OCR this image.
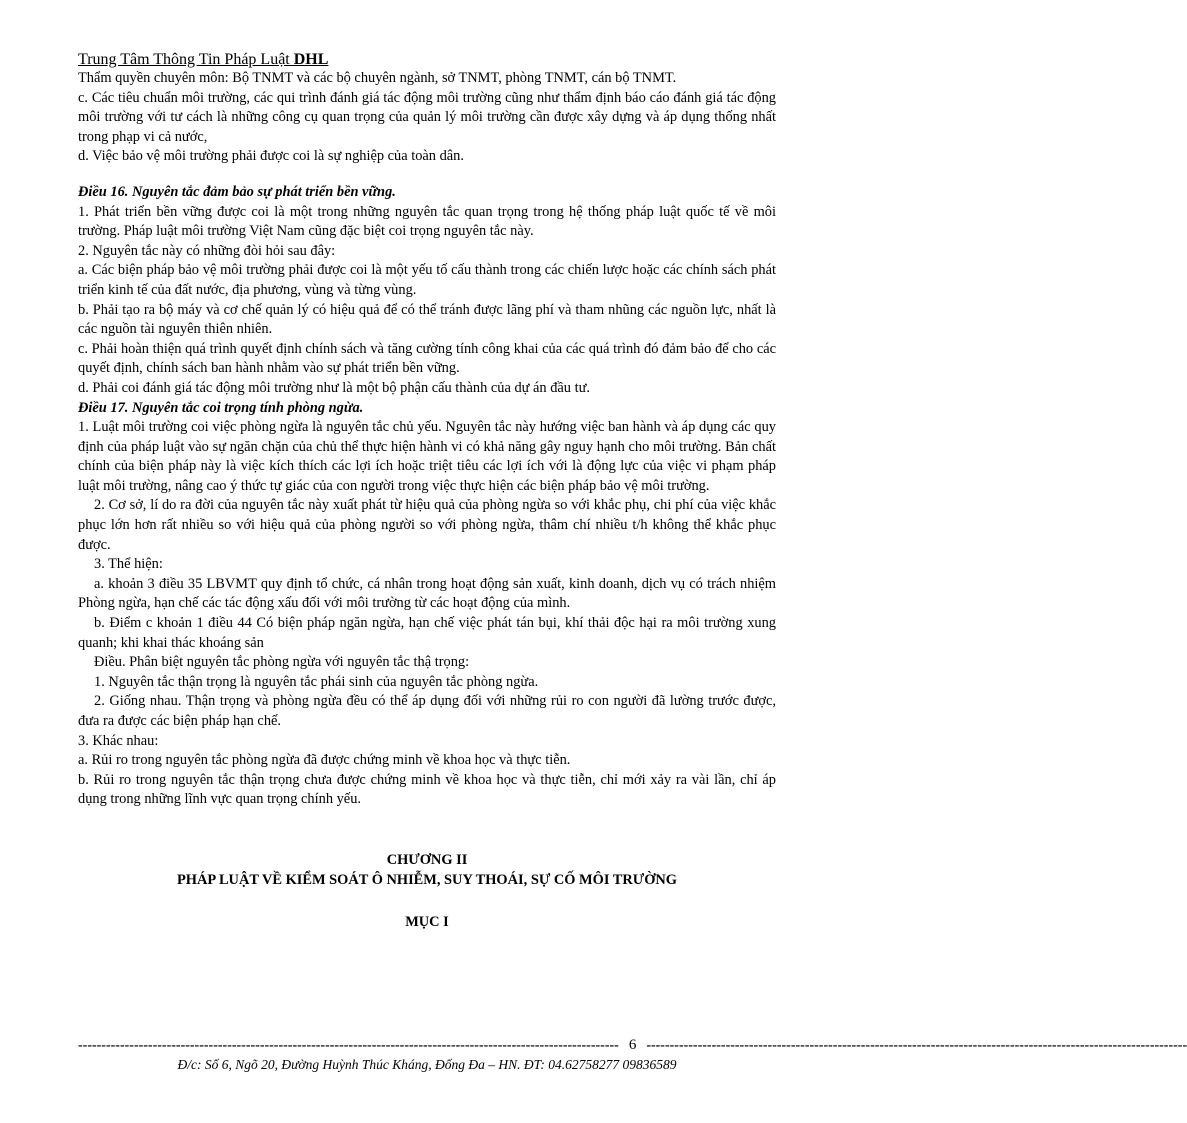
Trung Tâm Thông Tin Pháp Luật DHL

Thẩm quyền chuyên môn: Bộ TNMT và các bộ chuyên ngành, sở TNMT, phòng TNMT, cán bộ TNMT.

c. Các tiêu chuẩn môi trường, các qui trình đánh giá tác động môi trường cũng như thẩm định báo cáo đánh giá tác động môi trường với tư cách là những công cụ quan trọng của quản lý môi trường cần được xây dựng và áp dụng thống nhất trong phạp vi cả nước,

d. Việc bảo vệ môi trường phải được coi là sự nghiệp của toàn dân.

Điều 16. Nguyên tắc đảm bảo sự phát triển bền vững.

1. Phát triển bền vững được coi là một trong những nguyên tắc quan trọng trong hệ thống pháp luật quốc tế về môi trường. Pháp luật môi trường Việt Nam cũng đặc biệt coi trọng nguyên tắc này.

2. Nguyên tắc này có những đòi hỏi sau đây:

a. Các biện pháp bảo vệ môi trường phải được coi là một yếu tố cấu thành trong các chiến lược hoặc các chính sách phát triển kinh tế của đất nước, địa phương, vùng và từng vùng.

b. Phải tạo ra bộ máy và cơ chế quản lý có hiệu quả để có thể tránh được lãng phí và tham nhũng các nguồn lực, nhất là các nguồn tài nguyên thiên nhiên.

c. Phải hoàn thiện quá trình quyết định chính sách và tăng cường tính công khai của các quá trình đó đảm bảo để cho các quyết định, chính sách ban hành nhằm vào sự phát triển bền vững.

d. Phải coi đánh giá tác động môi trường như là một bộ phận cấu thành của dự án đầu tư.

Điều 17. Nguyên tắc coi trọng tính phòng ngừa.

1. Luật môi trường coi việc phòng ngừa là nguyên tắc chủ yếu. Nguyên tắc này hướng việc ban hành và áp dụng các quy định của pháp luật vào sự ngăn chặn của chủ thể thực hiện hành vi có khả năng gây nguy hạnh cho môi trường. Bản chất chính của biện pháp này là việc kích thích các lợi ích hoặc triệt tiêu các lợi ích với là động lực của việc vi phạm pháp luật môi trường, nâng cao ý thức tự giác của con người trong việc thực hiện các biện pháp bảo vệ môi trường.

2. Cơ sở, lí do ra đời của nguyên tắc này xuất phát từ hiệu quả của phòng ngừa so với khắc phụ, chi phí của việc khắc phục lớn hơn rất nhiều so với hiệu quả của phòng người so với phòng ngừa, thâm chí nhiều t/h không thể khắc phục được.

3. Thể hiện:

a. khoản 3 điều 35 LBVMT quy định tổ chức, cá nhân trong hoạt động sản xuất, kinh doanh, dịch vụ có trách nhiệm Phòng ngừa, hạn chế các tác động xấu đối với môi trường từ các hoạt động của mình.

b. Điểm c khoản 1 điều 44 Có biện pháp ngăn ngừa, hạn chế việc phát tán bụi, khí thải độc hại ra môi trường xung quanh; khi khai thác khoáng sản

Điều. Phân biệt nguyên tắc phòng ngừa với nguyên tắc thậ trọng:

1. Nguyên tắc thận trọng là nguyên tắc phái sinh của nguyên tắc phòng ngừa.

2. Giống nhau. Thận trọng và phòng ngừa đều có thể áp dụng đối với những rủi ro con người đã lường trước được, đưa ra được các biện pháp hạn chế.

3. Khác nhau:

a. Rủi ro trong nguyên tắc phòng ngừa đã được chứng minh về khoa học và thực tiễn.

b. Rủi ro trong nguyên tắc thận trọng chưa được chứng minh về khoa học và thực tiễn, chỉ mới xảy ra vài lần, chỉ áp dụng trong những lĩnh vực quan trọng chính yếu.

CHƯƠNG II
PHÁP LUẬT VỀ KIỂM SOÁT Ô NHIỄM, SUY THOÁI, SỰ CỐ MÔI TRƯỜNG
MỤC I
-------------------------------------------------------------------------------------------------------------------- 6 --------------------------------------------------------------------------------------------------------------------
Đ/c: Số 6, Ngõ 20, Đường Huỳnh Thúc Kháng, Đống Đa – HN. ĐT: 04.62758277 09836589
